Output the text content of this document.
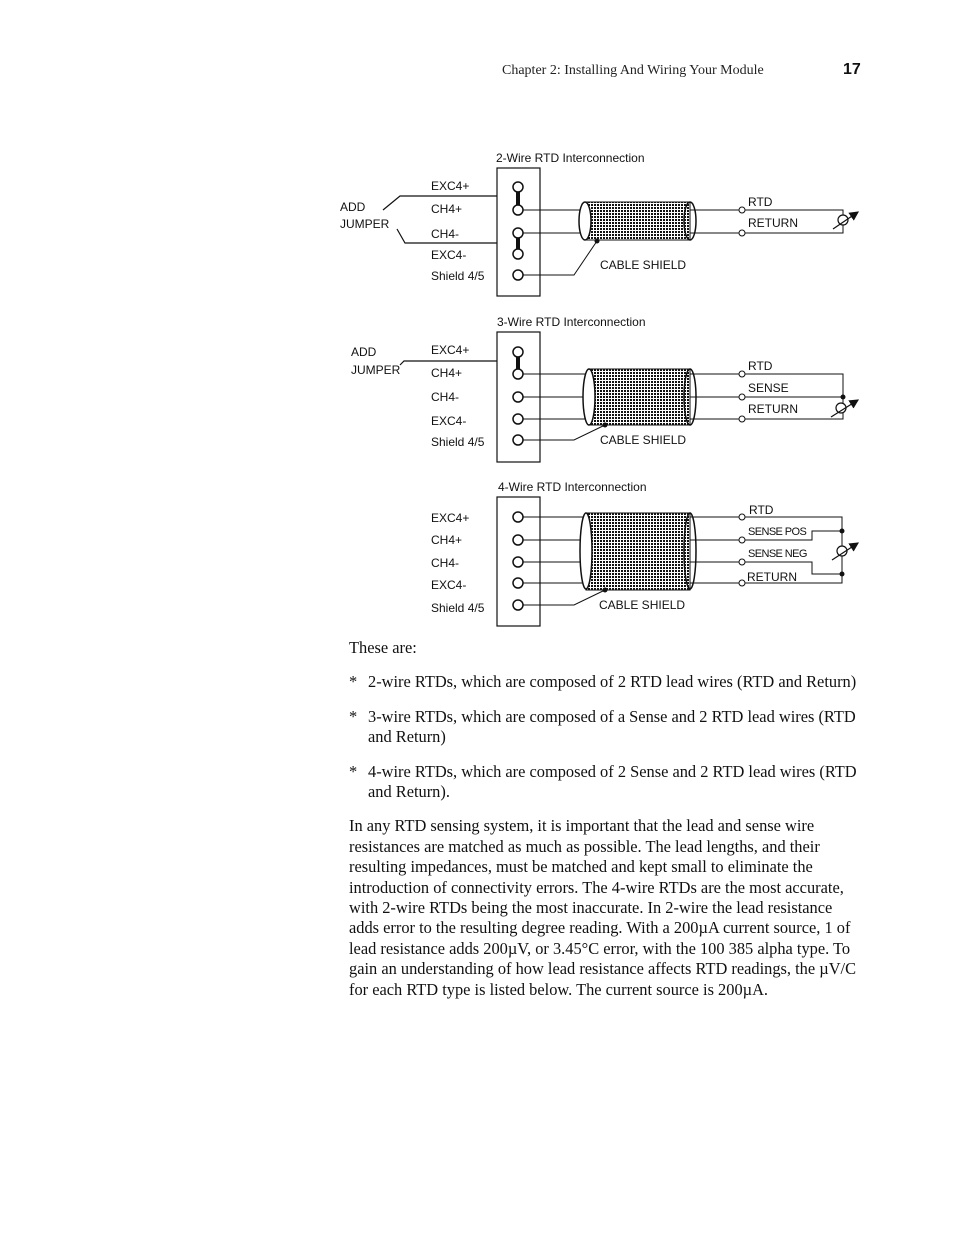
Chapter 2: Installing And Wiring Your Module	17
2-Wire RTD Interconnection
ADD
JUMPER
EXC4+
CH4+
CH4-
EXC4-
Shield 4/5
CABLE SHIELD
RTD
RETURN
3-Wire RTD Interconnection
ADD
JUMPER
EXC4+
CH4+
CH4-
EXC4-
Shield 4/5	CABLE SHIELD
RTD
SENSE
RETURN
4-Wire RTD Interconnection
EXC4+
CH4+
CH4-
EXC4-
Shield 4/5	CABLE SHIELD
RTD
SENSE POS
SENSE NEG
RETURN

These are:

* 2-wire RTDs, which are composed of 2 RTD lead wires (RTD and Return)

* 3-wire RTDs, which are composed of a Sense and 2 RTD lead wires (RTD and Return)

* 4-wire RTDs, which are composed of 2 Sense and 2 RTD lead wires (RTD and Return).

In any RTD sensing system, it is important that the lead and sense wire resistances are matched as much as possible. The lead lengths, and their resulting impedances, must be matched and kept small to eliminate the introduction of connectivity errors. The 4-wire RTDs are the most accurate, with 2-wire RTDs being the most inaccurate. In 2-wire the lead resistance adds error to the resulting degree reading. With a 200µA current source, 1 of lead resistance adds 200µV, or 3.45°C error, with the 100 385 alpha type. To gain an understanding of how lead resistance affects RTD readings, the µV/C for each RTD type is listed below. The current source is 200µA.
